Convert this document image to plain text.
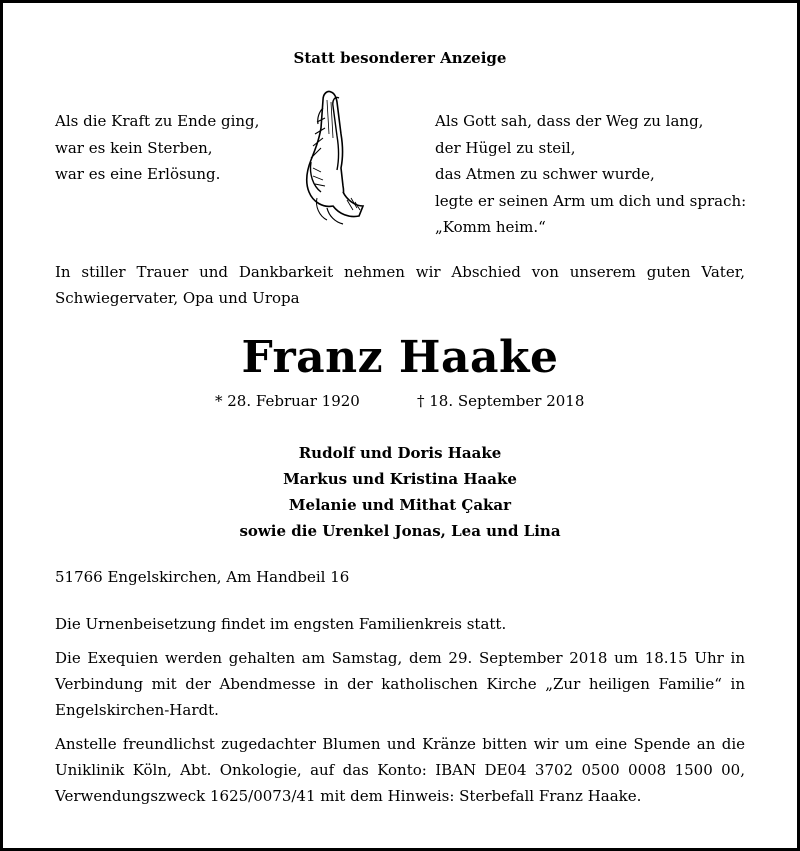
Statt besonderer Anzeige
Als die Kraft zu Ende ging,
war es kein Sterben,
war es eine Erlösung.
Als Gott sah, dass der Weg zu lang,
der Hügel zu steil,
das Atmen zu schwer wurde,
legte er seinen Arm um dich und sprach:
„Komm heim.“
In stiller Trauer und Dankbarkeit nehmen wir Abschied von unserem guten Vater, Schwiegervater, Opa und Uropa
Franz Haake
* 28. Februar 1920	† 18. September 2018
Rudolf und Doris Haake
Markus und Kristina Haake
Melanie und Mithat Çakar
sowie die Urenkel Jonas, Lea und Lina
51766 Engelskirchen, Am Handbeil 16
Die Urnenbeisetzung findet im engsten Familienkreis statt.
Die Exequien werden gehalten am Samstag, dem 29. September 2018 um 18.15 Uhr in Verbindung mit der Abendmesse in der katholischen Kirche „Zur heiligen Familie“ in Engelskirchen-Hardt.
Anstelle freundlichst zugedachter Blumen und Kränze bitten wir um eine Spende an die Uniklinik Köln, Abt. Onkologie, auf das Konto: IBAN DE04 3702 0500 0008 1500 00, Verwendungszweck 1625/0073/41 mit dem Hinweis: Sterbefall Franz Haake.
